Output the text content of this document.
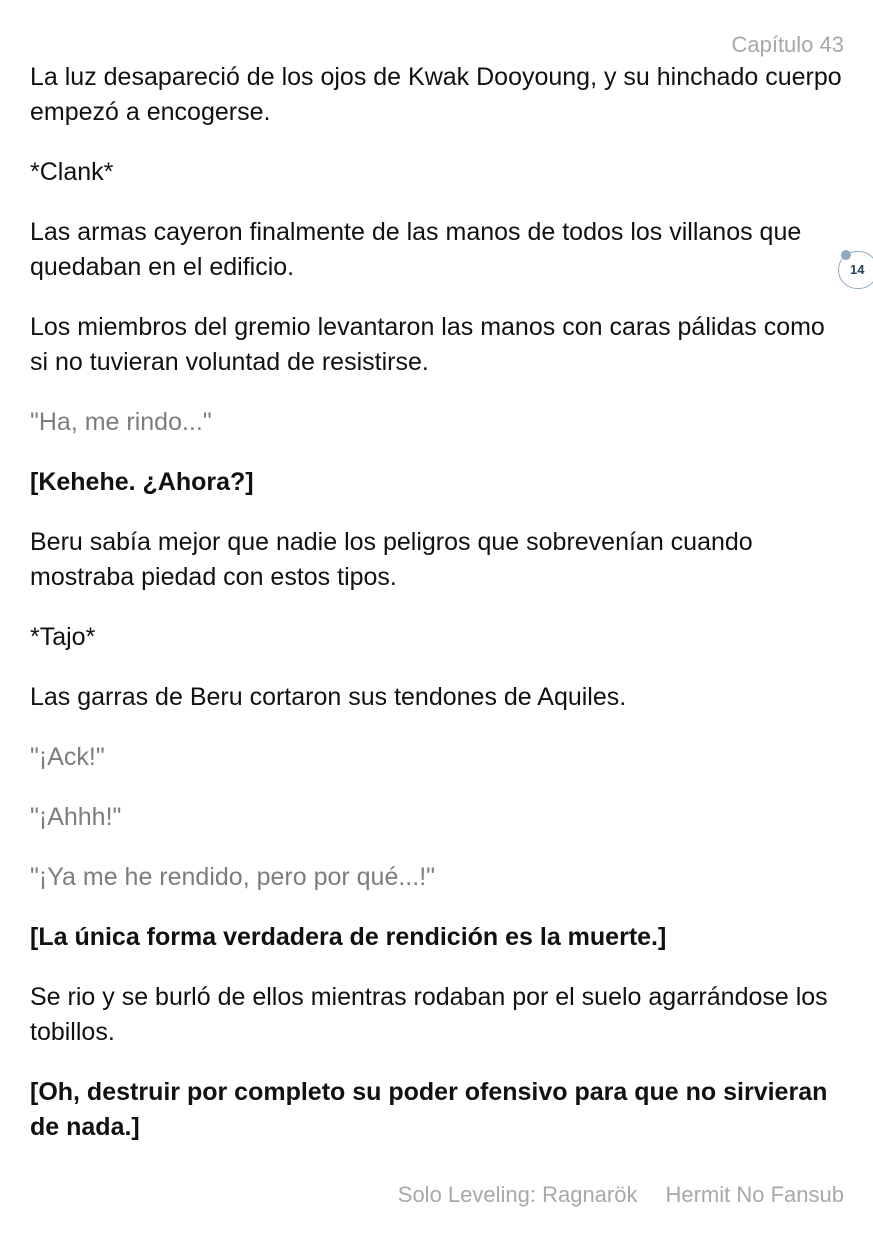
Capítulo 43
14

La luz desapareció de los ojos de Kwak Dooyoung, y su hinchado cuerpo empezó a encogerse.

*Clank*

Las armas cayeron finalmente de las manos de todos los villanos que quedaban en el edificio.

Los miembros del gremio levantaron las manos con caras pálidas como si no tuvieran voluntad de resistirse.

"Ha, me rindo..."

[Kehehe. ¿Ahora?]

Beru sabía mejor que nadie los peligros que sobrevenían cuando mostraba piedad con estos tipos.

*Tajo*

Las garras de Beru cortaron sus tendones de Aquiles.

"¡Ack!"

"¡Ahhh!"

"¡Ya me he rendido, pero por qué...!"

[La única forma verdadera de rendición es la muerte.]

Se rio y se burló de ellos mientras rodaban por el suelo agarrándose los tobillos.

[Oh, destruir por completo su poder ofensivo para que no sirvieran de nada.]

Solo Leveling: Ragnarök Hermit No Fansub
